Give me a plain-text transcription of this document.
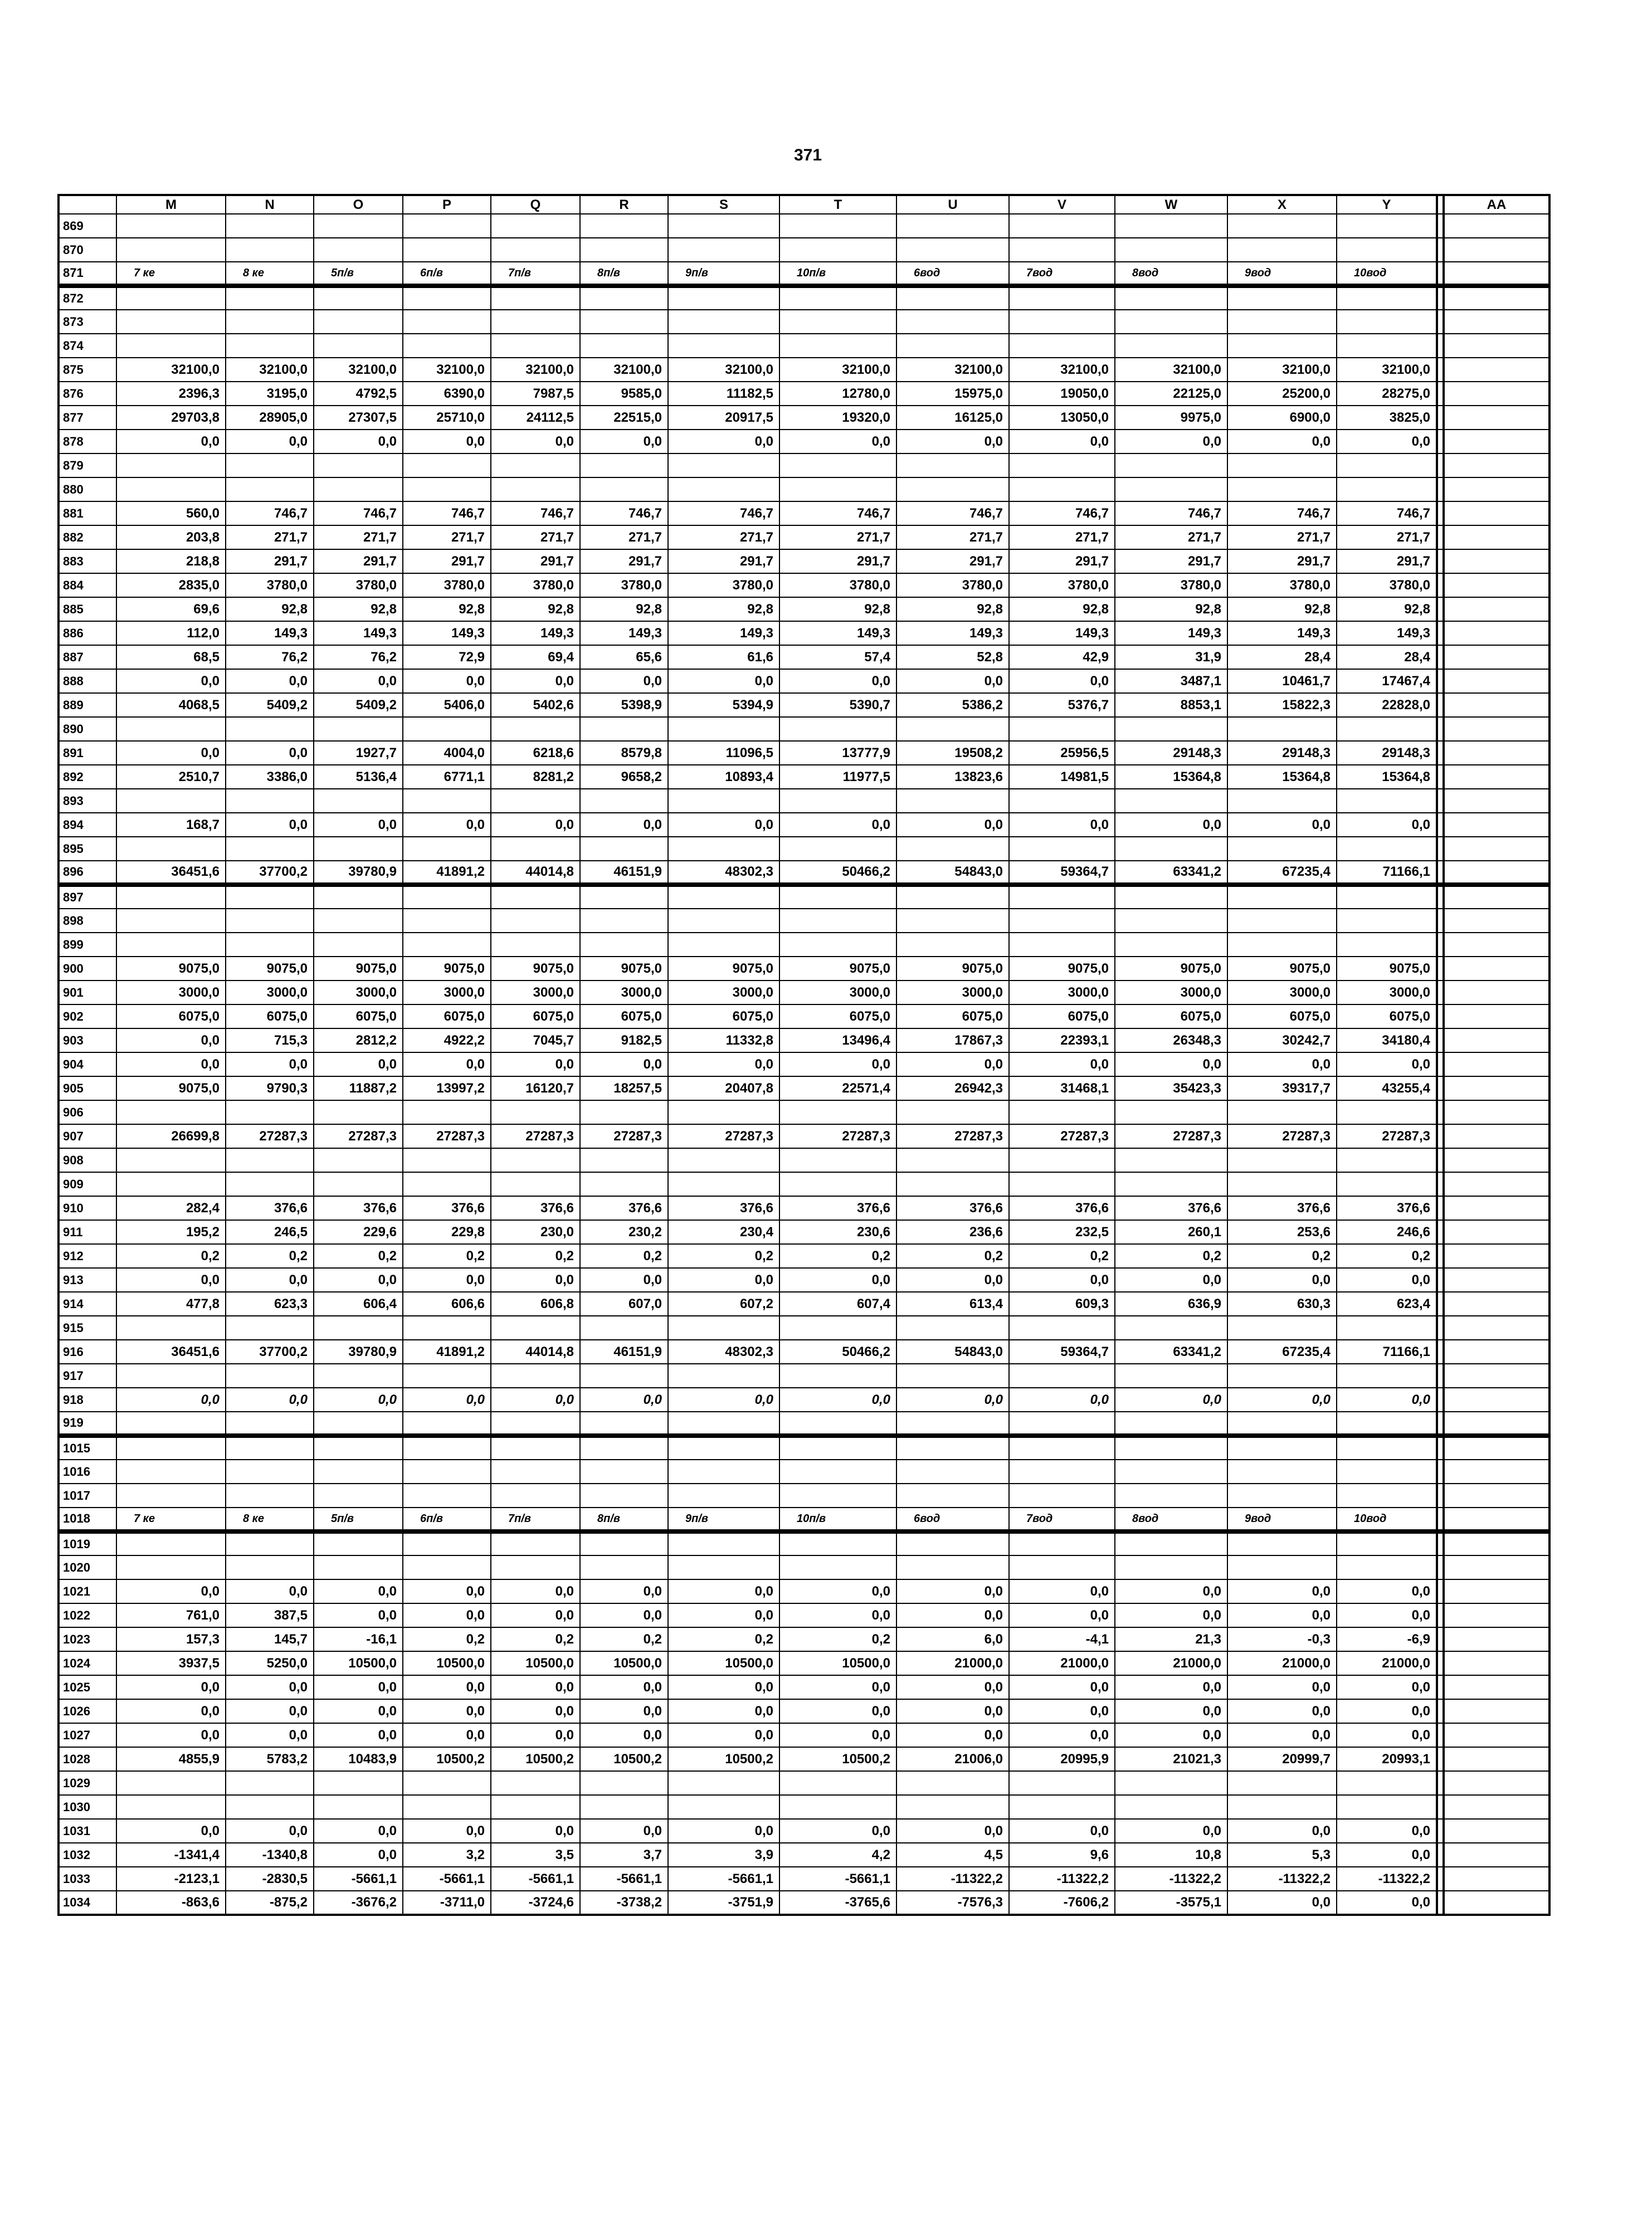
371
	M	N	O	P	Q	R	S	T	U	V	W	X	Y		AA
869															
870															
871	7 ке	8 ке	5п/в	6п/в	7п/в	8п/в	9п/в	10п/в	6вод	7вод	8вод	9вод	10вод		
872															
873															
874															
875	32100,0	32100,0	32100,0	32100,0	32100,0	32100,0	32100,0	32100,0	32100,0	32100,0	32100,0	32100,0	32100,0		
876	2396,3	3195,0	4792,5	6390,0	7987,5	9585,0	11182,5	12780,0	15975,0	19050,0	22125,0	25200,0	28275,0		
877	29703,8	28905,0	27307,5	25710,0	24112,5	22515,0	20917,5	19320,0	16125,0	13050,0	9975,0	6900,0	3825,0		
878	0,0	0,0	0,0	0,0	0,0	0,0	0,0	0,0	0,0	0,0	0,0	0,0	0,0		
879															
880															
881	560,0	746,7	746,7	746,7	746,7	746,7	746,7	746,7	746,7	746,7	746,7	746,7	746,7		
882	203,8	271,7	271,7	271,7	271,7	271,7	271,7	271,7	271,7	271,7	271,7	271,7	271,7		
883	218,8	291,7	291,7	291,7	291,7	291,7	291,7	291,7	291,7	291,7	291,7	291,7	291,7		
884	2835,0	3780,0	3780,0	3780,0	3780,0	3780,0	3780,0	3780,0	3780,0	3780,0	3780,0	3780,0	3780,0		
885	69,6	92,8	92,8	92,8	92,8	92,8	92,8	92,8	92,8	92,8	92,8	92,8	92,8		
886	112,0	149,3	149,3	149,3	149,3	149,3	149,3	149,3	149,3	149,3	149,3	149,3	149,3		
887	68,5	76,2	76,2	72,9	69,4	65,6	61,6	57,4	52,8	42,9	31,9	28,4	28,4		
888	0,0	0,0	0,0	0,0	0,0	0,0	0,0	0,0	0,0	0,0	3487,1	10461,7	17467,4		
889	4068,5	5409,2	5409,2	5406,0	5402,6	5398,9	5394,9	5390,7	5386,2	5376,7	8853,1	15822,3	22828,0		
890															
891	0,0	0,0	1927,7	4004,0	6218,6	8579,8	11096,5	13777,9	19508,2	25956,5	29148,3	29148,3	29148,3		
892	2510,7	3386,0	5136,4	6771,1	8281,2	9658,2	10893,4	11977,5	13823,6	14981,5	15364,8	15364,8	15364,8		
893															
894	168,7	0,0	0,0	0,0	0,0	0,0	0,0	0,0	0,0	0,0	0,0	0,0	0,0		
895															
896	36451,6	37700,2	39780,9	41891,2	44014,8	46151,9	48302,3	50466,2	54843,0	59364,7	63341,2	67235,4	71166,1		
897															
898															
899															
900	9075,0	9075,0	9075,0	9075,0	9075,0	9075,0	9075,0	9075,0	9075,0	9075,0	9075,0	9075,0	9075,0		
901	3000,0	3000,0	3000,0	3000,0	3000,0	3000,0	3000,0	3000,0	3000,0	3000,0	3000,0	3000,0	3000,0		
902	6075,0	6075,0	6075,0	6075,0	6075,0	6075,0	6075,0	6075,0	6075,0	6075,0	6075,0	6075,0	6075,0		
903	0,0	715,3	2812,2	4922,2	7045,7	9182,5	11332,8	13496,4	17867,3	22393,1	26348,3	30242,7	34180,4		
904	0,0	0,0	0,0	0,0	0,0	0,0	0,0	0,0	0,0	0,0	0,0	0,0	0,0		
905	9075,0	9790,3	11887,2	13997,2	16120,7	18257,5	20407,8	22571,4	26942,3	31468,1	35423,3	39317,7	43255,4		
906															
907	26699,8	27287,3	27287,3	27287,3	27287,3	27287,3	27287,3	27287,3	27287,3	27287,3	27287,3	27287,3	27287,3		
908															
909															
910	282,4	376,6	376,6	376,6	376,6	376,6	376,6	376,6	376,6	376,6	376,6	376,6	376,6		
911	195,2	246,5	229,6	229,8	230,0	230,2	230,4	230,6	236,6	232,5	260,1	253,6	246,6		
912	0,2	0,2	0,2	0,2	0,2	0,2	0,2	0,2	0,2	0,2	0,2	0,2	0,2		
913	0,0	0,0	0,0	0,0	0,0	0,0	0,0	0,0	0,0	0,0	0,0	0,0	0,0		
914	477,8	623,3	606,4	606,6	606,8	607,0	607,2	607,4	613,4	609,3	636,9	630,3	623,4		
915															
916	36451,6	37700,2	39780,9	41891,2	44014,8	46151,9	48302,3	50466,2	54843,0	59364,7	63341,2	67235,4	71166,1		
917															
918	0,0	0,0	0,0	0,0	0,0	0,0	0,0	0,0	0,0	0,0	0,0	0,0	0,0		
919															
1015															
1016															
1017															
1018	7 ке	8 ке	5п/в	6п/в	7п/в	8п/в	9п/в	10п/в	6вод	7вод	8вод	9вод	10вод		
1019															
1020															
1021	0,0	0,0	0,0	0,0	0,0	0,0	0,0	0,0	0,0	0,0	0,0	0,0	0,0		
1022	761,0	387,5	0,0	0,0	0,0	0,0	0,0	0,0	0,0	0,0	0,0	0,0	0,0		
1023	157,3	145,7	-16,1	0,2	0,2	0,2	0,2	0,2	6,0	-4,1	21,3	-0,3	-6,9		
1024	3937,5	5250,0	10500,0	10500,0	10500,0	10500,0	10500,0	10500,0	21000,0	21000,0	21000,0	21000,0	21000,0		
1025	0,0	0,0	0,0	0,0	0,0	0,0	0,0	0,0	0,0	0,0	0,0	0,0	0,0		
1026	0,0	0,0	0,0	0,0	0,0	0,0	0,0	0,0	0,0	0,0	0,0	0,0	0,0		
1027	0,0	0,0	0,0	0,0	0,0	0,0	0,0	0,0	0,0	0,0	0,0	0,0	0,0		
1028	4855,9	5783,2	10483,9	10500,2	10500,2	10500,2	10500,2	10500,2	21006,0	20995,9	21021,3	20999,7	20993,1		
1029															
1030															
1031	0,0	0,0	0,0	0,0	0,0	0,0	0,0	0,0	0,0	0,0	0,0	0,0	0,0		
1032	-1341,4	-1340,8	0,0	3,2	3,5	3,7	3,9	4,2	4,5	9,6	10,8	5,3	0,0		
1033	-2123,1	-2830,5	-5661,1	-5661,1	-5661,1	-5661,1	-5661,1	-5661,1	-11322,2	-11322,2	-11322,2	-11322,2	-11322,2		
1034	-863,6	-875,2	-3676,2	-3711,0	-3724,6	-3738,2	-3751,9	-3765,6	-7576,3	-7606,2	-3575,1	0,0	0,0		
